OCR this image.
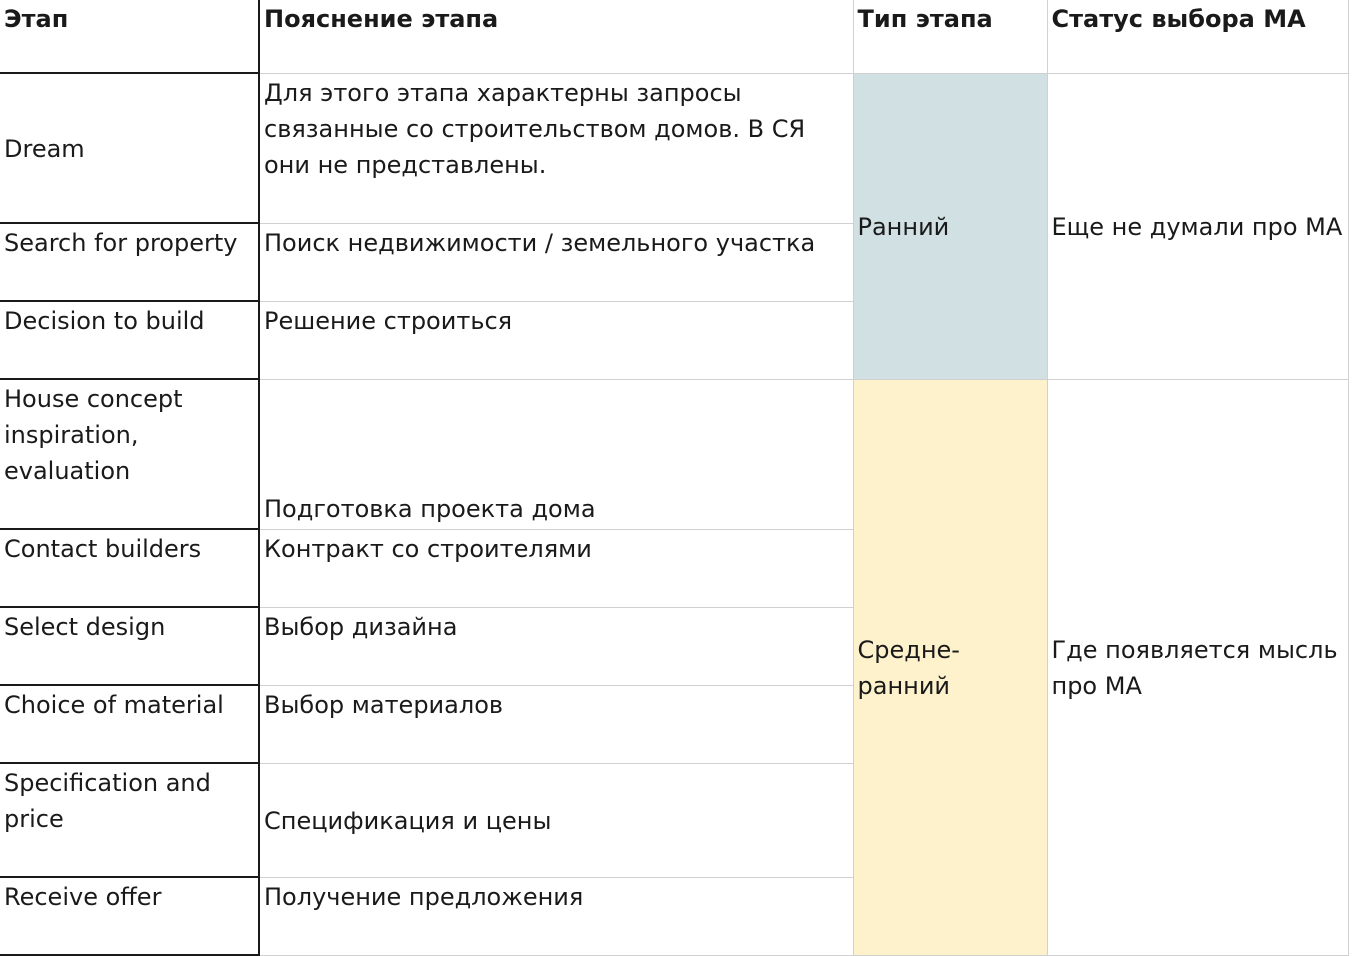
Этап	Пояснение этапа	Тип этапа	Статус выбора МА
Dream	Для этого этапа характерны запросы связанные со строительством домов. В СЯ они не представлены.	Ранний	Еще не думали про МА
Search for property	Поиск недвижимости / земельного участка		
Decision to build	Решение строиться		
House concept inspiration, evaluation	Подготовка проекта дома	Средне-ранний	Где появляется мысль про МА
Contact builders	Контракт со строителями		
Select design	Выбор дизайна		
Choice of material	Выбор материалов		
Specification and price	Спецификация и цены		
Receive offer	Получение предложения		
